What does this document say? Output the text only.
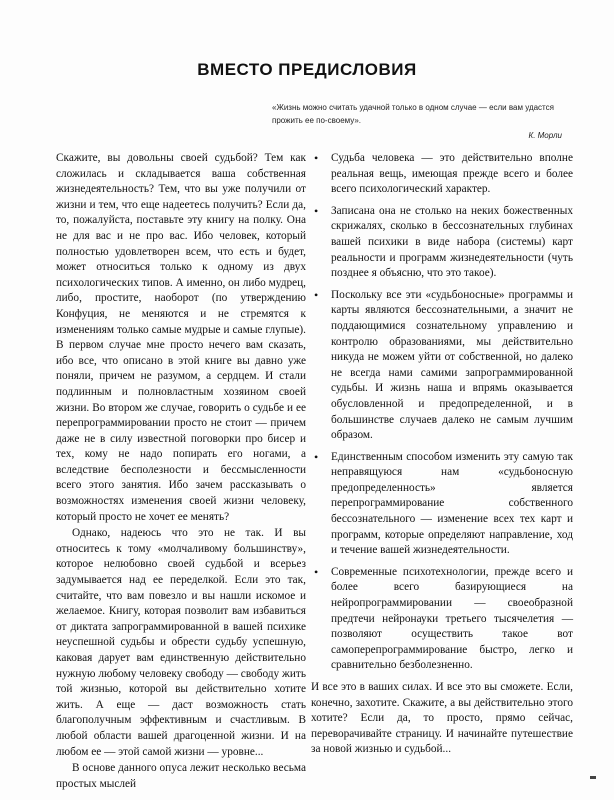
ВМЕСТО ПРЕДИСЛОВИЯ
«Жизнь можно считать удачной только в одном случае — если вам удастся прожить ее по-своему».
К. Морли

Скажите, вы довольны своей судьбой? Тем как сложилась и складывается ваша собственная жизнедеятельность? Тем, что вы уже получили от жизни и тем, что еще надеетесь получить? Если да, то, пожалуйста, поставьте эту книгу на полку. Она не для вас и не про вас. Ибо человек, который полностью удовлетворен всем, что есть и будет, может относиться только к одному из двух психологических типов. А именно, он либо мудрец, либо, простите, наоборот (по утверждению Конфуция, не меняются и не стремятся к изменениям только самые мудрые и самые глупые). В первом случае мне просто нечего вам сказать, ибо все, что описано в этой книге вы давно уже поняли, причем не разумом, а сердцем. И стали подлинным и полновластным хозяином своей жизни. Во втором же случае, говорить о судьбе и ее перепрограммировании просто не стоит — причем даже не в силу известной поговорки про бисер и тех, кому не надо попирать его ногами, а вследствие бесполезности и бессмысленности всего этого занятия. Ибо зачем рассказывать о возможностях изменения своей жизни человеку, который просто не хочет ее менять?

Однако, надеюсь что это не так. И вы относитесь к тому «молчаливому большинству», которое нелюбовно своей судьбой и всерьез задумывается над ее переделкой. Если это так, считайте, что вам повезло и вы нашли искомое и желаемое. Книгу, которая позволит вам избавиться от диктата запрограммированной в вашей психике неуспешной судьбы и обрести судьбу успешную, каковая дарует вам единственную действительно нужную любому человеку свободу — свободу жить той жизнью, которой вы действительно хотите жить. А еще — даст возможность стать благополучным эффективным и счастливым. В любой области вашей драгоценной жизни. И на любом ее — этой самой жизни — уровне...

В основе данного опуса лежит несколько весьма простых мыслей

• Судьба человека — это действительно вполне реальная вещь, имеющая прежде всего и более всего психологический характер.
• Записана она не столько на неких божественных скрижалях, сколько в бессознательных глубинах вашей психики в виде набора (системы) карт реальности и программ жизнедеятельности (чуть позднее я объясню, что это такое).
• Поскольку все эти «судьбоносные» программы и карты являются бессознательными, а значит не поддающимися сознательному управлению и контролю образованиями, мы действительно никуда не можем уйти от собственной, но далеко не всегда нами самими запрограммированной судьбы. И жизнь наша и впрямь оказывается обусловленной и предопределенной, и в большинстве случаев далеко не самым лучшим образом.
• Единственным способом изменить эту самую так неправящуюся нам «судьбоносную предопределенность» является перепрограммирование собственного бессознательного — изменение всех тех карт и программ, которые определяют направление, ход и течение вашей жизнедеятельности.
• Современные психотехнологии, прежде всего и более всего базирующиеся на нейропрограммировании — своеобразной предтечи нейронауки третьего тысячелетия — позволяют осуществить такое вот самоперепрограммирование быстро, легко и сравнительно безболезненно.

И все это в ваших силах. И все это вы сможете. Если, конечно, захотите. Скажите, а вы действительно этого хотите? Если да, то просто, прямо сейчас, переворачивайте страницу. И начинайте путешествие за новой жизнью и судьбой...
